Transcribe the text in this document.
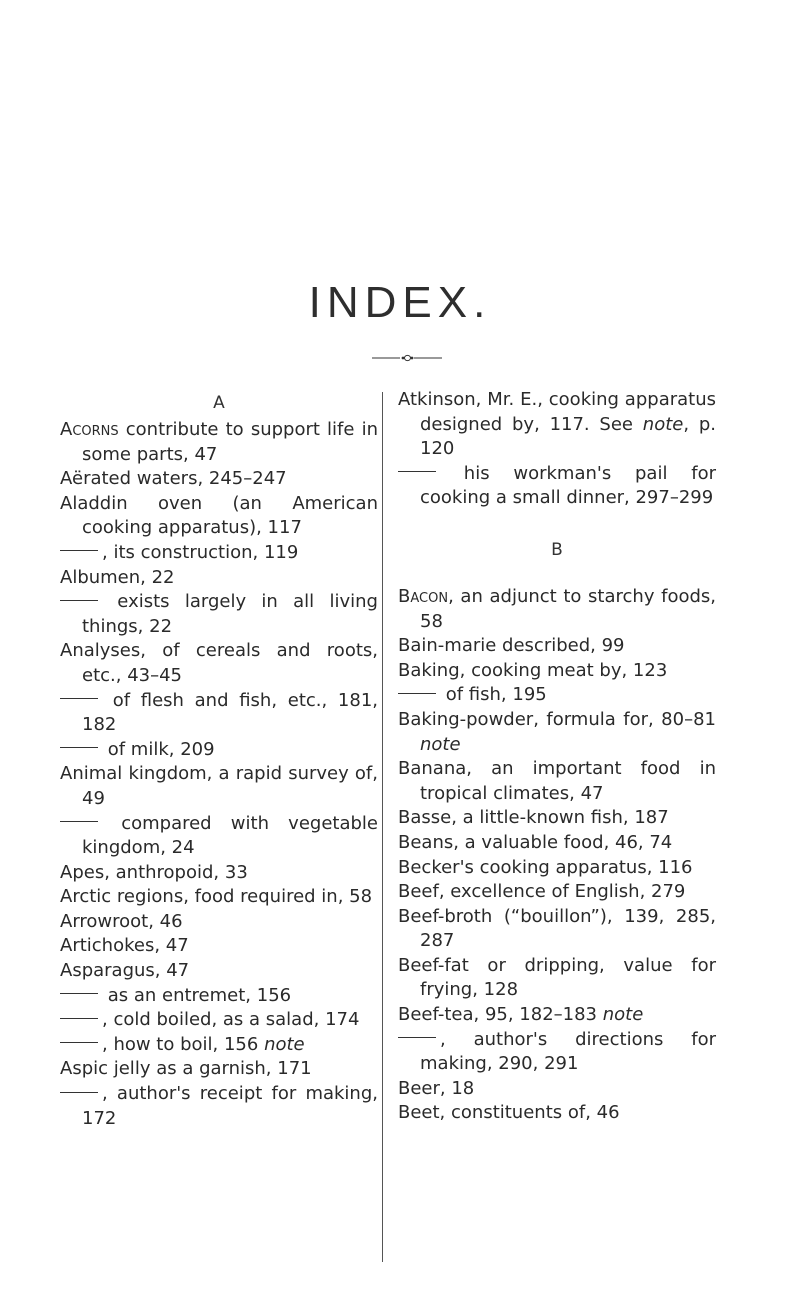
INDEX.
A
Acorns contribute to support life in some parts, 47
Aërated waters, 245–247
Aladdin oven (an American cooking apparatus), 117
, its construction, 119
Albumen, 22
exists largely in all living things, 22
Analyses, of cereals and roots, etc., 43–45
of flesh and fish, etc., 181, 182
of milk, 209
Animal kingdom, a rapid survey of, 49
compared with vegetable kingdom, 24
Apes, anthropoid, 33
Arctic regions, food required in, 58
Arrowroot, 46
Artichokes, 47
Asparagus, 47
as an entremet, 156
, cold boiled, as a salad, 174
, how to boil, 156 note
Aspic jelly as a garnish, 171
, author's receipt for making, 172
Atkinson, Mr. E., cooking apparatus designed by, 117. See note, p. 120
his workman's pail for cooking a small dinner, 297–299
B
Bacon, an adjunct to starchy foods, 58
Bain-marie described, 99
Baking, cooking meat by, 123
of fish, 195
Baking-powder, formula for, 80–81 note
Banana, an important food in tropical climates, 47
Basse, a little-known fish, 187
Beans, a valuable food, 46, 74
Becker's cooking apparatus, 116
Beef, excellence of English, 279
Beef-broth (“bouillon”), 139, 285, 287
Beef-fat or dripping, value for frying, 128
Beef-tea, 95, 182–183 note
, author's directions for making, 290, 291
Beer, 18
Beet, constituents of, 46
